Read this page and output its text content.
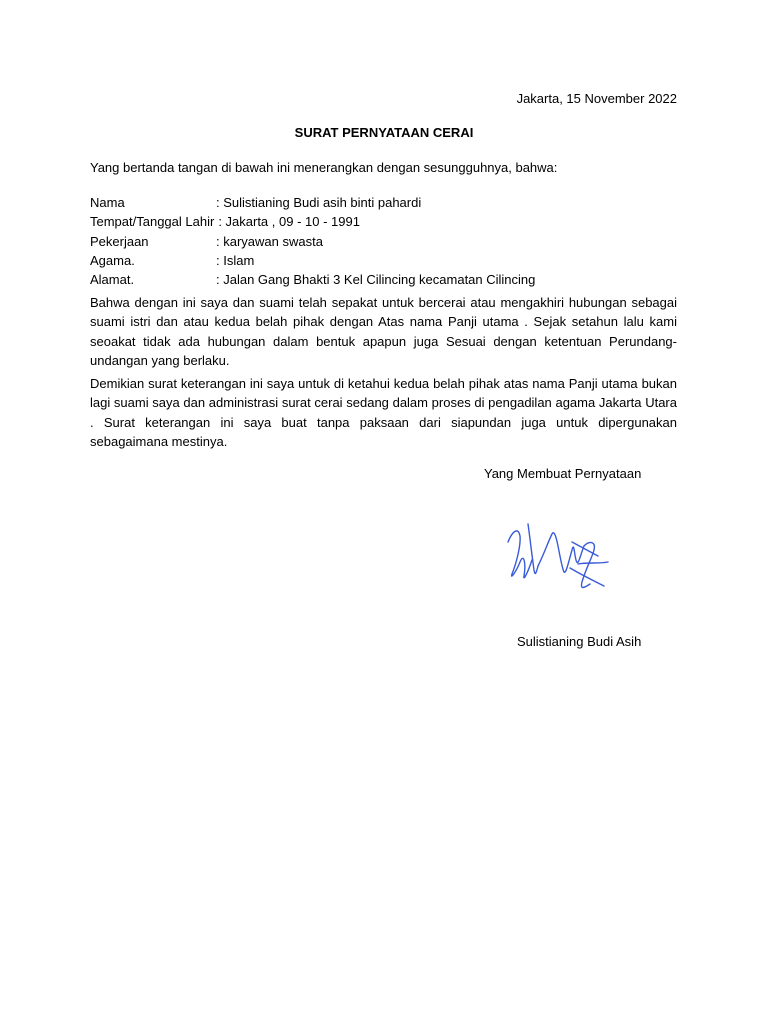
Jakarta, 15 November 2022
SURAT PERNYATAAN CERAI
Yang bertanda tangan di bawah ini menerangkan dengan sesungguhnya, bahwa:
Nama	: Sulistianing Budi asih binti pahardi
Tempat/Tanggal Lahir : Jakarta , 09 - 10 - 1991
Pekerjaan	: karyawan swasta
Agama.	: Islam
Alamat.	: Jalan Gang Bhakti 3 Kel Cilincing kecamatan Cilincing
Bahwa dengan ini saya dan suami telah sepakat untuk bercerai atau mengakhiri hubungan sebagai suami istri dan atau kedua belah pihak dengan Atas nama Panji utama . Sejak setahun lalu kami seoakat tidak ada hubungan dalam bentuk apapun juga Sesuai dengan ketentuan Perundang-undangan yang berlaku.
Demikian surat keterangan ini saya untuk di ketahui kedua belah pihak atas nama Panji utama bukan lagi suami saya dan administrasi surat cerai sedang dalam proses di pengadilan agama Jakarta Utara . Surat keterangan ini saya buat tanpa paksaan dari siapundan juga untuk dipergunakan sebagaimana mestinya.
Yang Membuat Pernyataan
Sulistianing Budi Asih
